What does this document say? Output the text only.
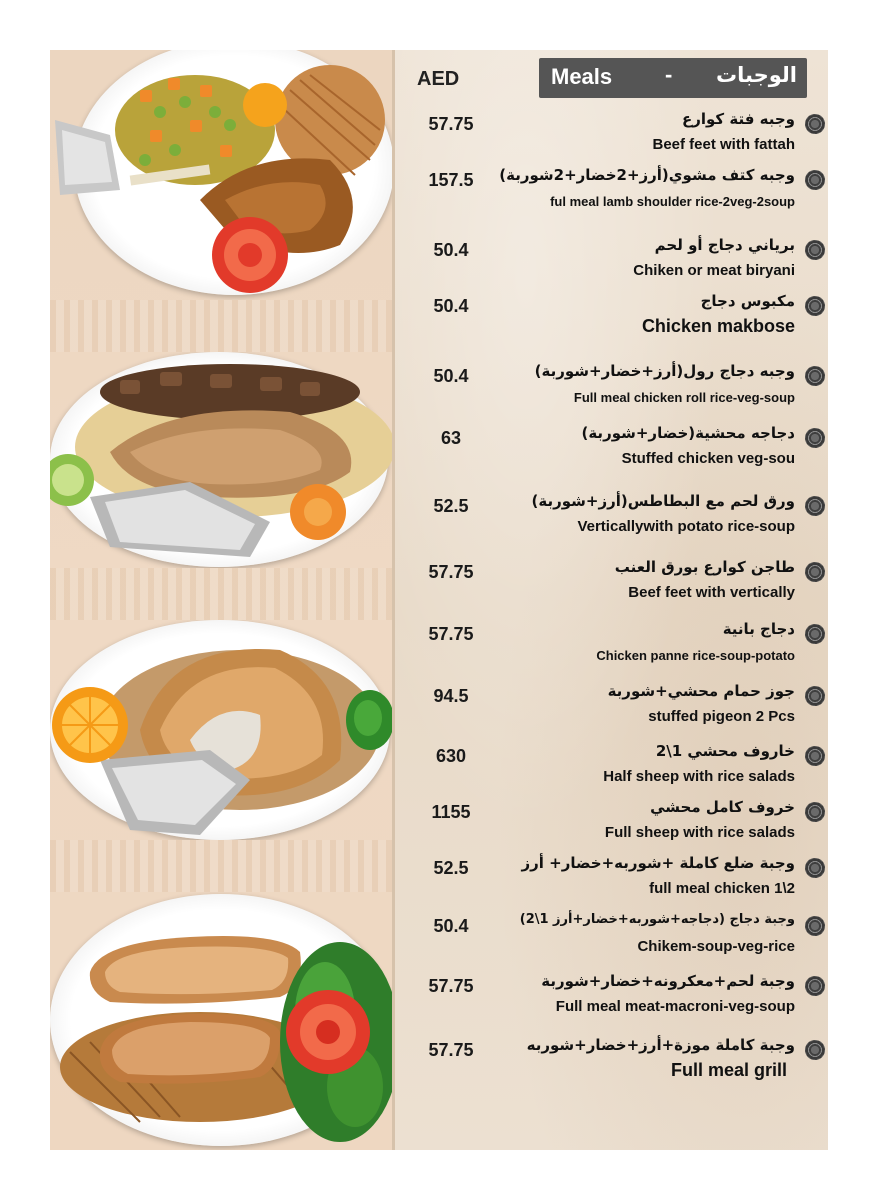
Meals - الوجبات
AED
57.75	وجبه فتة كوارع
Beef feet with fattah
157.5	وجبه كتف مشوي(أرز+2خضار+2شوربة)
ful meal lamb shoulder rice-2veg-2soup
50.4	برياني دجاج أو لحم
Chiken or meat biryani
50.4	مكبوس دجاج
Chicken makbose
50.4	وجبه دجاج رول(أرز+خضار+شوربة)
Full meal chicken roll rice-veg-soup
63	دجاجه محشية(خضار+شوربة)
Stuffed chicken veg-sou
52.5	ورق لحم مع البطاطس(أرز+شوربة)
Verticallywith potato rice-soup
57.75	طاجن كوارع بورق العنب
Beef feet with vertically
57.75	دجاج بانية
Chicken panne rice-soup-potato
94.5	جوز حمام محشي+شوربة
stuffed pigeon 2 Pcs
630	خاروف محشي 1\2
Half sheep with rice salads
1155	خروف كامل محشي
Full sheep with rice salads
52.5	وجبة ضلع كاملة +شوربه+خضار+ أرز
full meal chicken 1\2
50.4	وجبة دجاج (دجاجه+شوربه+خضار+أرز 1\2)
Chikem-soup-veg-rice
57.75	وجبة لحم+معكرونه+خضار+شوربة
Full meal meat-macroni-veg-soup
57.75	وجبة كاملة موزة+أرز+خضار+شوربه
Full meal grill
